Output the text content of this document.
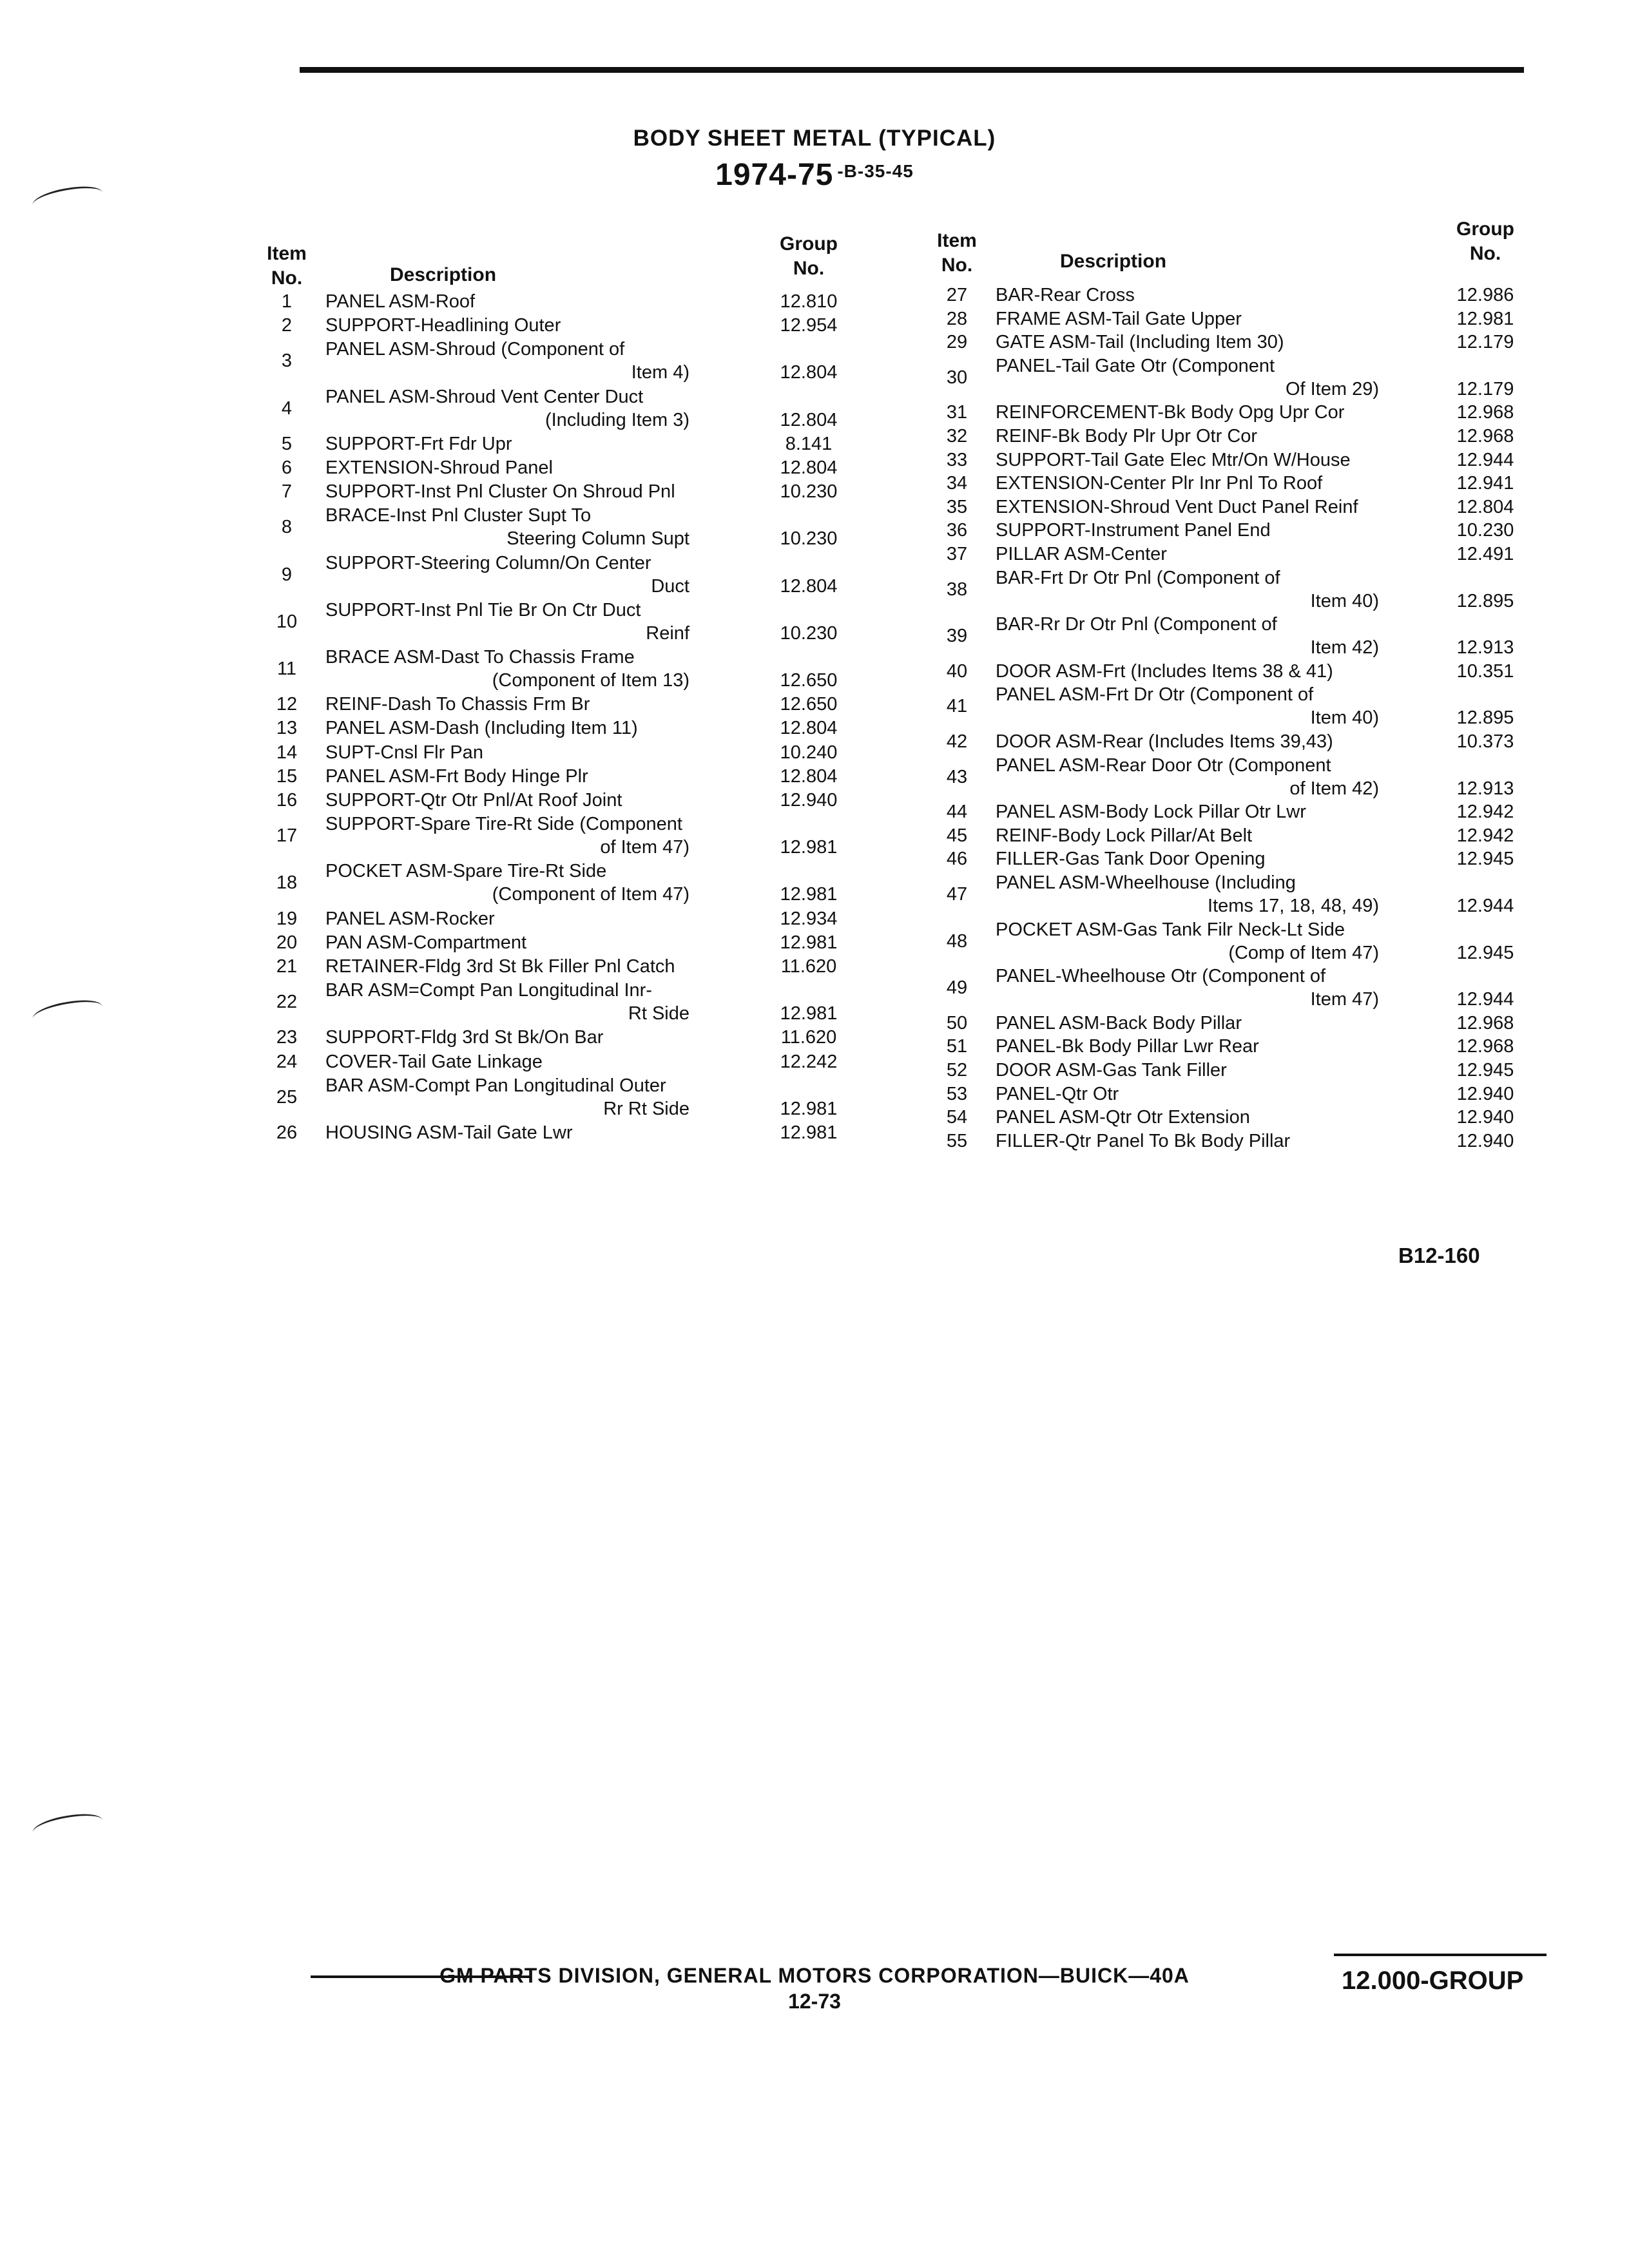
BODY SHEET METAL (TYPICAL)
1974-75 $^{-B-35-45}$
Item
No.	Description
Group
No.
1	PANEL ASM-Roof	12.810
2	SUPPORT-Headlining Outer	12.954
3
PANEL ASM-Shroud (Component of
Item 4)	12.804
4
PANEL ASM-Shroud Vent Center Duct
(Including Item 3)	12.804
5	SUPPORT-Frt Fdr Upr	8.141
6	EXTENSION-Shroud Panel	12.804
7	SUPPORT-Inst Pnl Cluster On Shroud Pnl	10.230
8
BRACE-Inst Pnl Cluster Supt To
Steering Column Supt	10.230
9
SUPPORT-Steering Column/On Center
Duct	12.804
10
SUPPORT-Inst Pnl Tie Br On Ctr Duct
Reinf	10.230
11
BRACE ASM-Dast To Chassis Frame
(Component of Item 13)	12.650
12	REINF-Dash To Chassis Frm Br	12.650
13	PANEL ASM-Dash (Including Item 11)	12.804
14	SUPT-Cnsl Flr Pan	10.240
15	PANEL ASM-Frt Body Hinge Plr	12.804
16	SUPPORT-Qtr Otr Pnl/At Roof Joint	12.940
17
SUPPORT-Spare Tire-Rt Side (Component
of Item 47)	12.981
18
POCKET ASM-Spare Tire-Rt Side
(Component of Item 47)	12.981
19	PANEL ASM-Rocker	12.934
20	PAN ASM-Compartment	12.981
21	RETAINER-Fldg 3rd St Bk Filler Pnl Catch	11.620
22
BAR ASM=Compt Pan Longitudinal Inr-
Rt Side	12.981
23	SUPPORT-Fldg 3rd St Bk/On Bar	11.620
24	COVER-Tail Gate Linkage	12.242
25
BAR ASM-Compt Pan Longitudinal Outer
Rr Rt Side	12.981
26	HOUSING ASM-Tail Gate Lwr	12.981
Item
No.	Description
Group
No.
27	BAR-Rear Cross	12.986
28	FRAME ASM-Tail Gate Upper	12.981
29	GATE ASM-Tail (Including Item 30)	12.179
30
PANEL-Tail Gate Otr (Component
Of Item 29)	12.179
31	REINFORCEMENT-Bk Body Opg Upr Cor	12.968
32	REINF-Bk Body Plr Upr Otr Cor	12.968
33	SUPPORT-Tail Gate Elec Mtr/On W/House	12.944
34	EXTENSION-Center Plr Inr Pnl To Roof	12.941
35	EXTENSION-Shroud Vent Duct Panel Reinf	12.804
36	SUPPORT-Instrument Panel End	10.230
37	PILLAR ASM-Center	12.491
38
BAR-Frt Dr Otr Pnl (Component of
Item 40)	12.895
39
BAR-Rr Dr Otr Pnl (Component of
Item 42)	12.913
40	DOOR ASM-Frt (Includes Items 38 & 41)	10.351
41
PANEL ASM-Frt Dr Otr (Component of
Item 40)	12.895
42	DOOR ASM-Rear (Includes Items 39,43)	10.373
43
PANEL ASM-Rear Door Otr (Component
of Item 42)	12.913
44	PANEL ASM-Body Lock Pillar Otr Lwr	12.942
45	REINF-Body Lock Pillar/At Belt	12.942
46	FILLER-Gas Tank Door Opening	12.945
47
PANEL ASM-Wheelhouse (Including
Items 17, 18, 48, 49)	12.944
48
POCKET ASM-Gas Tank Filr Neck-Lt Side
(Comp of Item 47)	12.945
49
PANEL-Wheelhouse Otr (Component of
Item 47)	12.944
50	PANEL ASM-Back Body Pillar	12.968
51	PANEL-Bk Body Pillar Lwr Rear	12.968
52	DOOR ASM-Gas Tank Filler	12.945
53	PANEL-Qtr Otr	12.940
54	PANEL ASM-Qtr Otr Extension	12.940
55	FILLER-Qtr Panel To Bk Body Pillar	12.940
B12-160
GM PARTS DIVISION, GENERAL MOTORS CORPORATION—BUICK—40A
12-73
12.000-GROUP
